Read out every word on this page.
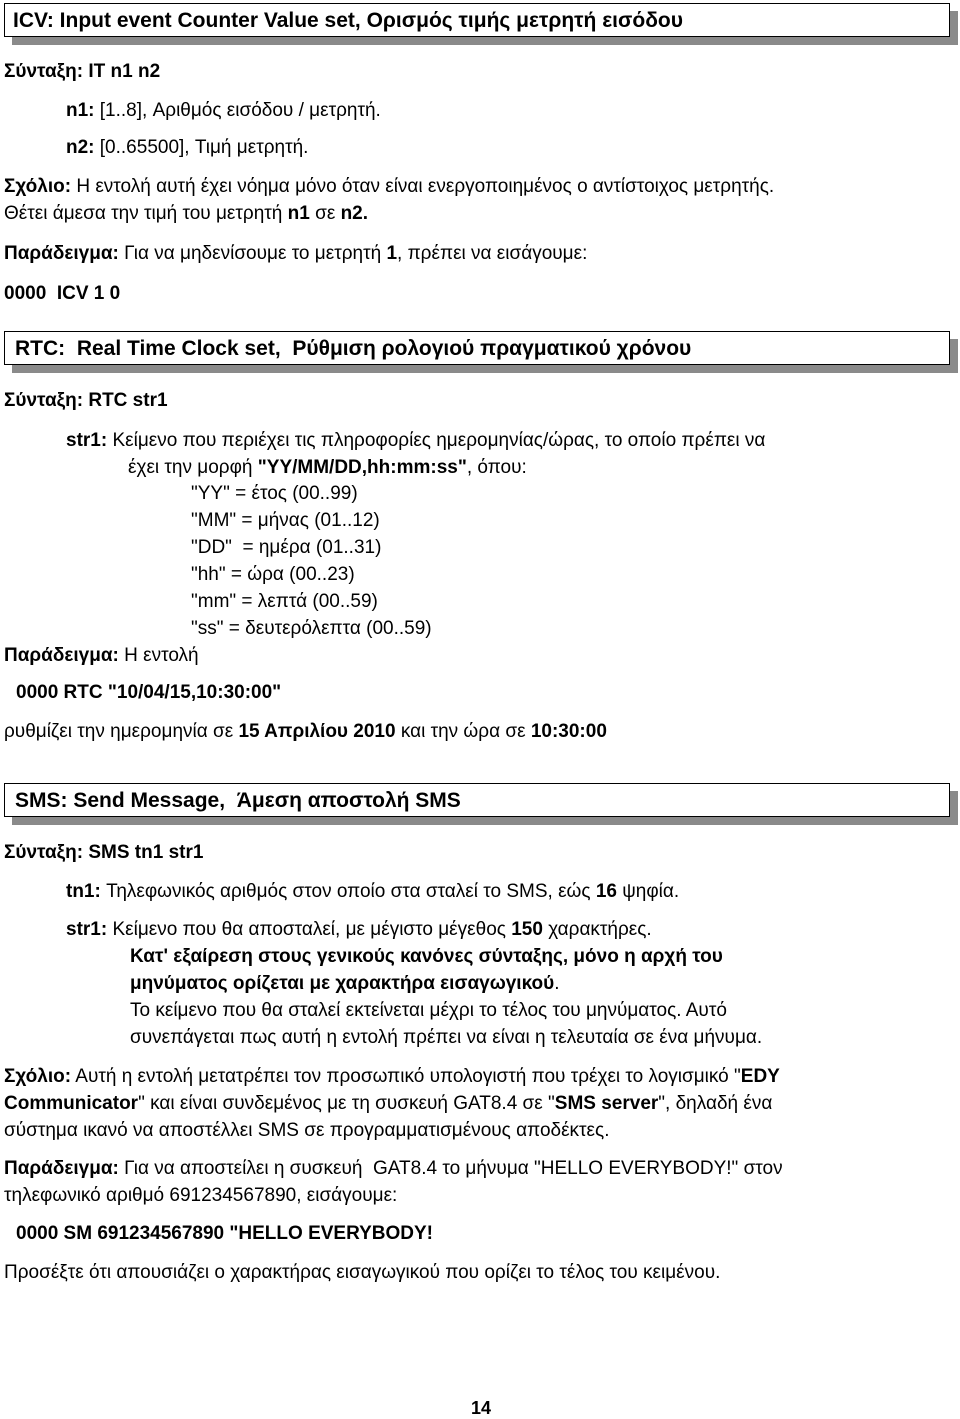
ICV: Input event Counter Value set, Ορισμός τιμής μετρητή εισόδου
Σύνταξη: IT n1 n2
n1: [1..8], Αριθμός εισόδου / μετρητή.
n2: [0..65500], Τιμή μετρητή.
Σχόλιο: Η εντολή αυτή έχει νόημα μόνο όταν είναι ενεργοποιημένος ο αντίστοιχος μετρητής.
Θέτει άμεσα την τιμή του μετρητή n1 σε n2.
Παράδειγμα: Για να μηδενίσουμε το μετρητή 1, πρέπει να εισάγουμε:
0000  ICV 1 0
RTC:  Real Time Clock set,  Ρύθμιση ρολογιού πραγματικού χρόνου
Σύνταξη: RTC str1
str1: Κείμενο που περιέχει τις πληροφορίες ημερομηνίας/ώρας, το οποίο πρέπει να
έχει την μορφή "YY/MM/DD,hh:mm:ss", όπου:
"YY" = έτος (00..99)
"MM" = μήνας (01..12)
"DD"  = ημέρα (01..31)
"hh" = ώρα (00..23)
"mm" = λεπτά (00..59)
"ss" = δευτερόλεπτα (00..59)
Παράδειγμα: Η εντολή
0000 RTC "10/04/15,10:30:00"
ρυθμίζει την ημερομηνία σε 15 Απριλίου 2010 και την ώρα σε 10:30:00
SMS: Send Message,  Άμεση αποστολή SMS
Σύνταξη: SMS tn1 str1
tn1: Τηλεφωνικός αριθμός στον οποίο στα σταλεί το SMS, εώς 16 ψηφία.
str1: Κείμενο που θα αποσταλεί, με μέγιστο μέγεθος 150 χαρακτήρες.
Κατ' εξαίρεση στους γενικούς κανόνες σύνταξης, μόνο η αρχή του
μηνύματος ορίζεται με χαρακτήρα εισαγωγικού.
Το κείμενο που θα σταλεί εκτείνεται μέχρι το τέλος του μηνύματος. Αυτό
συνεπάγεται πως αυτή η εντολή πρέπει να είναι η τελευταία σε ένα μήνυμα.
Σχόλιο: Αυτή η εντολή μετατρέπει τον προσωπικό υπολογιστή που τρέχει το λογισμικό "EDY
Communicator" και είναι συνδεμένος με τη συσκευή GAT8.4 σε "SMS server", δηλαδή ένα
σύστημα ικανό να αποστέλλει SMS σε προγραμματισμένους αποδέκτες.
Παράδειγμα: Για να αποστείλει η συσκευή  GAT8.4 το μήνυμα "HELLO EVERYBODY!" στον
τηλεφωνικό αριθμό 691234567890, εισάγουμε:
0000 SM 691234567890 "HELLO EVERYBODY!
Προσέξτε ότι απουσιάζει ο χαρακτήρας εισαγωγικού που ορίζει το τέλος του κειμένου.
14
